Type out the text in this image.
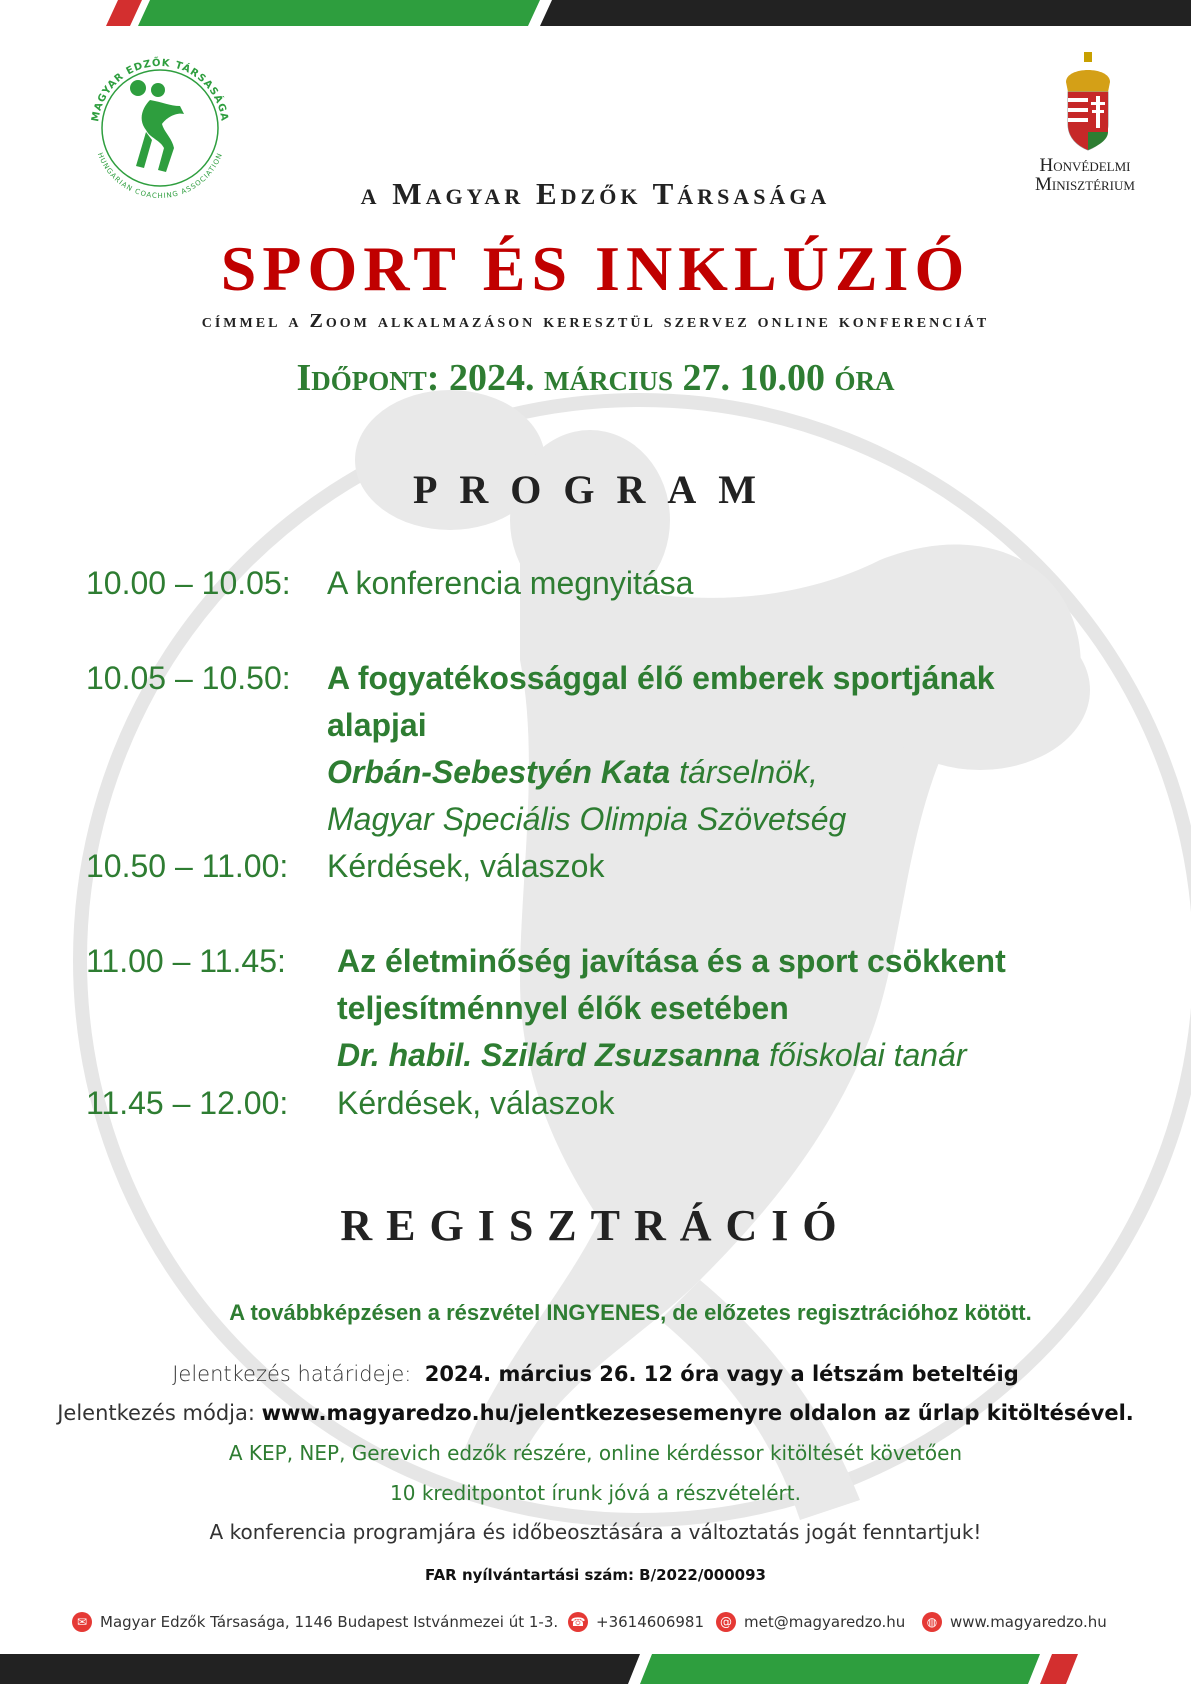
MAGYAR EDZŐK TÁRSASÁGA
HUNGARIAN COACHING ASSOCIATION	Honvédelmi
Minisztérium
a Magyar Edzők Társasága
SPORT ÉS INKLÚZIÓ
címmel a Zoom alkalmazáson keresztül szervez online konferenciát
Időpont: 2024. március 27. 10.00 óra
PROGRAM
10.00 – 10.05: A konferencia megnyitása
10.05 – 10.50: A fogyatékossággal élő emberek sportjának
alapjai
Orbán-Sebestyén Kata társelnök,
Magyar Speciális Olimpia Szövetség
10.50 – 11.00: Kérdések, válaszok
11.00 – 11.45: Az életminőség javítása és a sport csökkent
teljesítménnyel élők esetében
Dr. habil. Szilárd Zsuzsanna főiskolai tanár
11.45 – 12.00: Kérdések, válaszok
REGISZTRÁCIÓ
A továbbképzésen a részvétel INGYENES, de előzetes regisztrációhoz kötött.
Jelentkezés határideje: 2024. március 26. 12 óra vagy a létszám beteltéig
Jelentkezés módja: www.magyaredzo.hu/jelentkezesesemenyre oldalon az űrlap kitöltésével.
A KEP, NEP, Gerevich edzők részére, online kérdéssor kitöltését követően
10 kreditpontot írunk jóvá a részvételért.
A konferencia programjára és időbeosztására a változtatás jogát fenntartjuk!
FAR nyílvántartási szám: B/2022/000093
✉ Magyar Edzők Társasága, 1146 Budapest Istvánmezei út 1-3. ☎ +3614606981	@ met@magyaredzo.hu	◍ www.magyaredzo.hu
